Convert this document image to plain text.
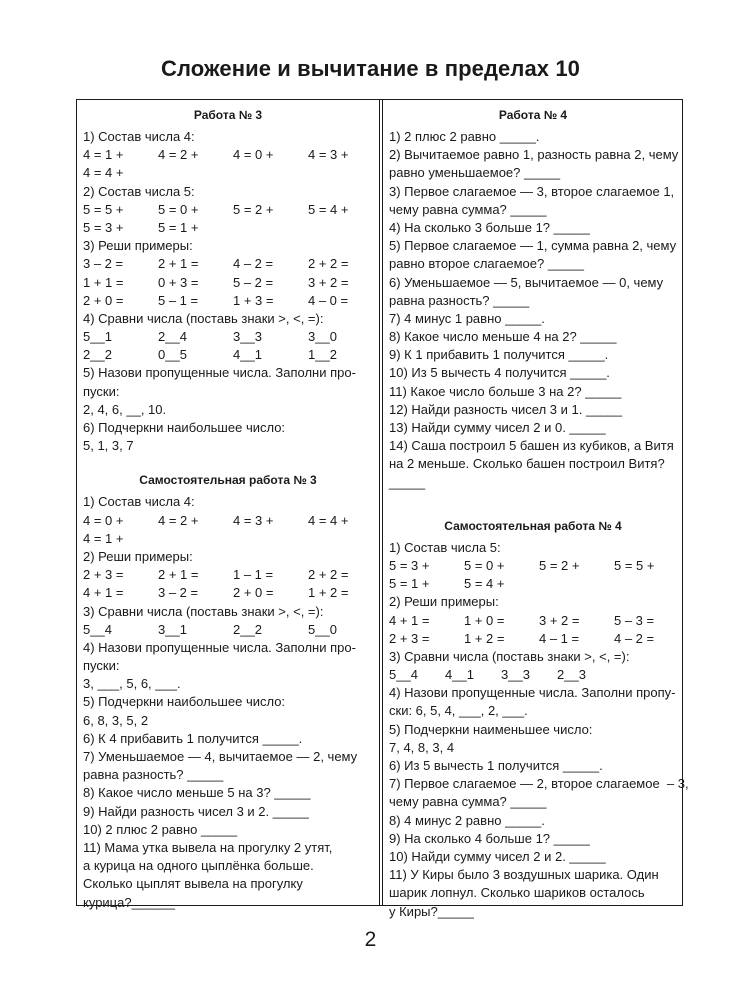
Сложение и вычитание в пределах 10
Работа № 3
1) Состав числа 4:
4 = 1 +	4 = 2 +	4 = 0 +	4 = 3 +
4 = 4 +
2) Состав числа 5:
5 = 5 +	5 = 0 +	5 = 2 +	5 = 4 +
5 = 3 +	5 = 1 +
3) Реши примеры:
3 – 2 =	2 + 1 =	4 – 2 =	2 + 2 =
1 + 1 =	0 + 3 =	5 – 2 =	3 + 2 =
2 + 0 =	5 – 1 =	1 + 3 =	4 – 0 =
4) Сравни числа (поставь знаки >, <, =):
5__1	2__4	3__3	3__0
2__2	0__5	4__1	1__2
5) Назови пропущенные числа. Заполни про-
пуски:
2, 4, 6, __, 10.
6) Подчеркни наибольшее число:
5, 1, 3, 7
Самостоятельная работа № 3
1) Состав числа 4:
4 = 0 +	4 = 2 +	4 = 3 +	4 = 4 +
4 = 1 +
2) Реши примеры:
2 + 3 =	2 + 1 =	1 – 1 =	2 + 2 =
4 + 1 =	3 – 2 =	2 + 0 =	1 + 2 =
3) Сравни числа (поставь знаки >, <, =):
5__4	3__1	2__2	5__0
4) Назови пропущенные числа. Заполни про-
пуски:
3, ___, 5, 6, ___.
5) Подчеркни наибольшее число:
6, 8, 3, 5, 2
6) К 4 прибавить 1 получится _____.
7) Уменьшаемое — 4, вычитаемое — 2, чему
равна разность? _____
8) Какое число меньше 5 на 3? _____
9) Найди разность чисел 3 и 2. _____
10) 2 плюс 2 равно _____
11) Мама утка вывела на прогулку 2 утят,
а курица на одного цыплёнка больше.
Сколько цыплят вывела на прогулку
курица?______
Работа № 4
1) 2 плюс 2 равно _____.
2) Вычитаемое равно 1, разность равна 2, чему
равно уменьшаемое? _____
3) Первое слагаемое — 3, второе слагаемое 1,
чему равна сумма? _____
4) На сколько 3 больше 1? _____
5) Первое слагаемое — 1, сумма равна 2, чему
равно второе слагаемое? _____
6) Уменьшаемое — 5, вычитаемое — 0, чему
равна разность? _____
7) 4 минус 1 равно _____.
8) Какое число меньше 4 на 2? _____
9) К 1 прибавить 1 получится _____.
10) Из 5 вычесть 4 получится _____.
11) Какое число больше 3 на 2? _____
12) Найди разность чисел 3 и 1. _____
13) Найди сумму чисел 2 и 0. _____
14) Саша построил 5 башен из кубиков, а Витя
на 2 меньше. Сколько башен построил Витя?
_____
Самостоятельная работа № 4
1) Состав числа 5:
5 = 3 +	5 = 0 +	5 = 2 +	5 = 5 +
5 = 1 +	5 = 4 +
2) Реши примеры:
4 + 1 =	1 + 0 =	3 + 2 =	5 – 3 =
2 + 3 =	1 + 2 =	4 – 1 =	4 – 2 =
3) Сравни числа (поставь знаки >, <, =):
5__4	4__1	3__3	2__3
4) Назови пропущенные числа. Заполни пропу-
ски: 6, 5, 4, ___, 2, ___.
5) Подчеркни наименьшее число:
7, 4, 8, 3, 4
6) Из 5 вычесть 1 получится _____.
7) Первое слагаемое — 2, второе слагаемое  – 3,
чему равна сумма? _____
8) 4 минус 2 равно _____.
9) На сколько 4 больше 1? _____
10) Найди сумму чисел 2 и 2. _____
11) У Киры было 3 воздушных шарика. Один
шарик лопнул. Сколько шариков осталось
у Киры?_____
2
